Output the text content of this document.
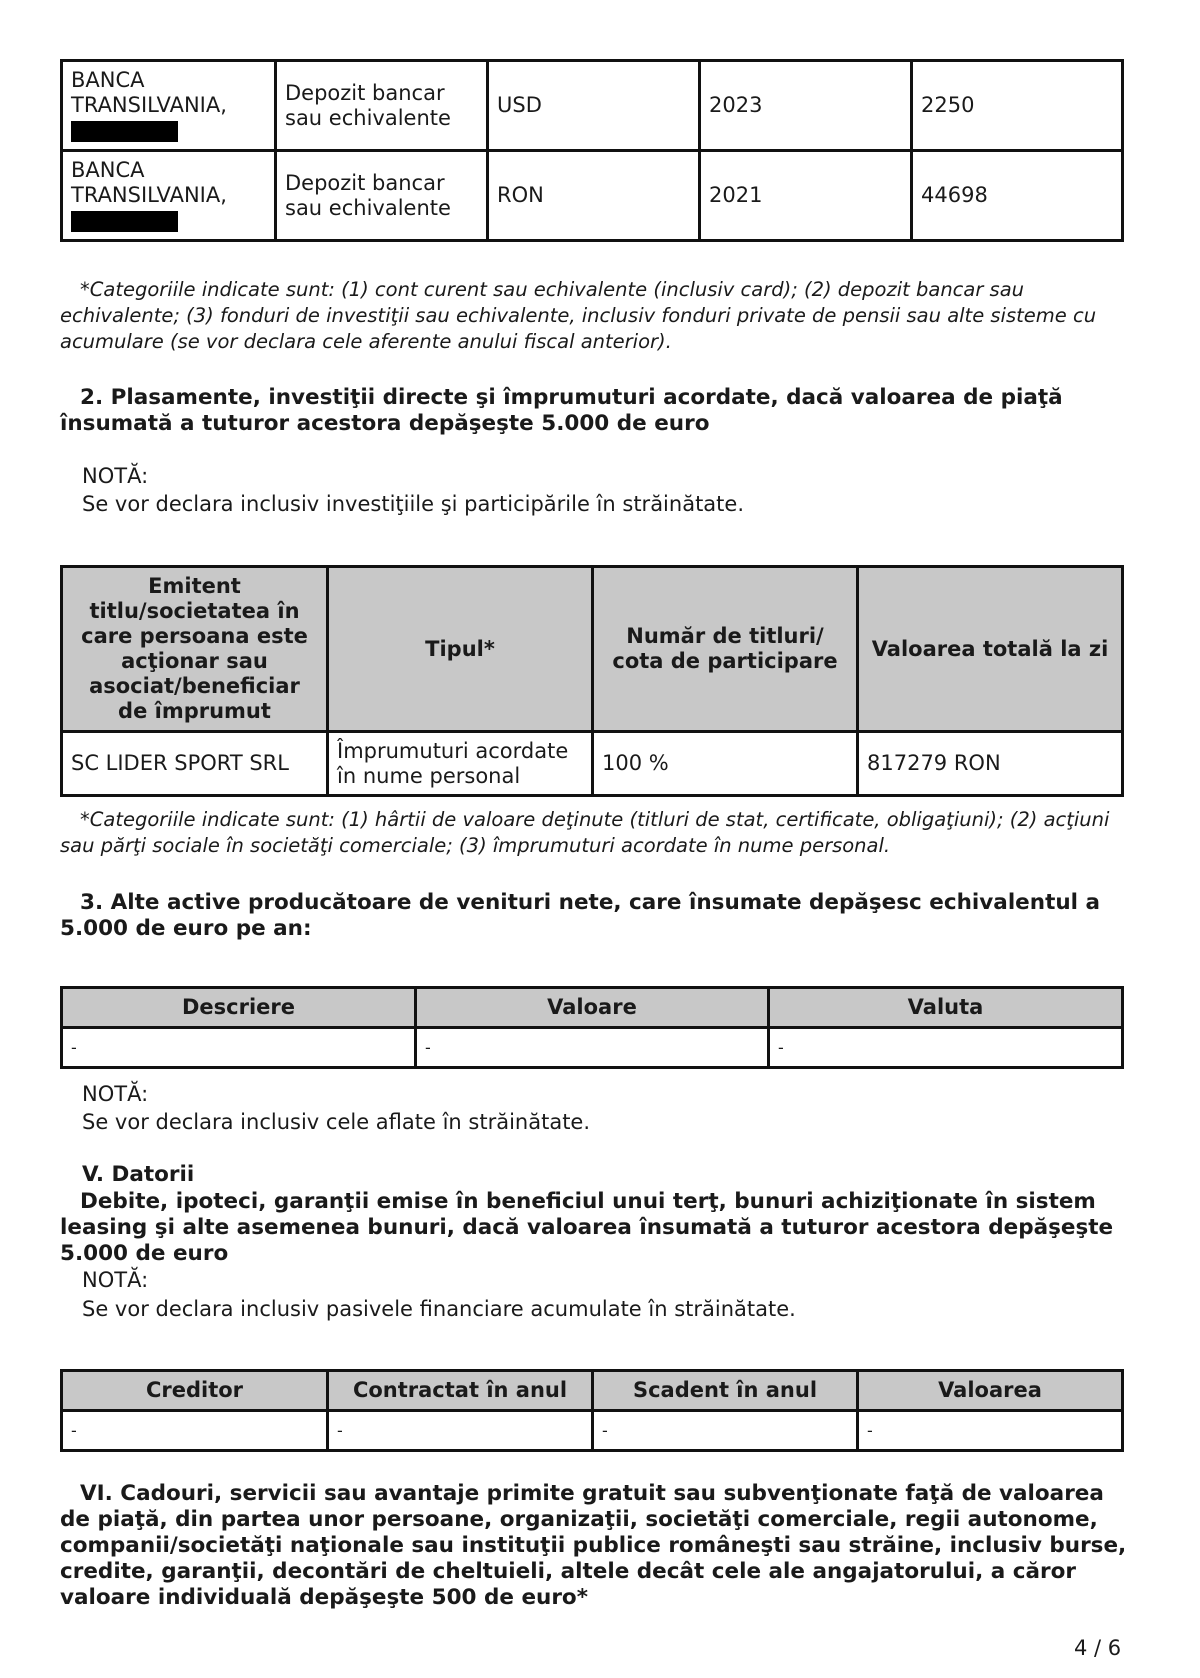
BANCA TRANSILVANIA,	Depozit bancar sau echivalente	USD	2023	2250

BANCA TRANSILVANIA,	Depozit bancar sau echivalente	RON	2021	44698
*Categoriile indicate sunt: (1) cont curent sau echivalente (inclusiv card); (2) depozit bancar sau echivalente; (3) fonduri de investiţii sau echivalente, inclusiv fonduri private de pensii sau alte sisteme cu acumulare (se vor declara cele aferente anului fiscal anterior).
2. Plasamente, investiţii directe şi împrumuturi acordate, dacă valoarea de piaţă însumată a tuturor acestora depăşeşte 5.000 de euro
NOTĂ:
Se vor declara inclusiv investiţiile şi participările în străinătate.
Emitent titlu/societatea în care persoana este acţionar sau asociat/beneficiar de împrumut	Tipul*	Număr de titluri/ cota de participare	Valoarea totală la zi
SC LIDER SPORT SRL	Împrumuturi acordate în nume personal	100 %	817279 RON
*Categoriile indicate sunt: (1) hârtii de valoare deţinute (titluri de stat, certificate, obligaţiuni); (2) acţiuni sau părţi sociale în societăţi comerciale; (3) împrumuturi acordate în nume personal.
3. Alte active producătoare de venituri nete, care însumate depăşesc echivalentul a 5.000 de euro pe an:
Descriere	Valoare	Valuta
-	-	-
NOTĂ:
Se vor declara inclusiv cele aflate în străinătate.
V. Datorii
Debite, ipoteci, garanţii emise în beneficiul unui terţ, bunuri achiziţionate în sistem leasing şi alte asemenea bunuri, dacă valoarea însumată a tuturor acestora depăşeşte 5.000 de euro
NOTĂ:
Se vor declara inclusiv pasivele financiare acumulate în străinătate.
Creditor	Contractat în anul	Scadent în anul	Valoarea
-	-	-	-
VI. Cadouri, servicii sau avantaje primite gratuit sau subvenţionate faţă de valoarea de piaţă, din partea unor persoane, organizaţii, societăţi comerciale, regii autonome, companii/societăţi naţionale sau instituţii publice româneşti sau străine, inclusiv burse, credite, garanţii, decontări de cheltuieli, altele decât cele ale angajatorului, a căror valoare individuală depăşeşte 500 de euro*
4 / 6
